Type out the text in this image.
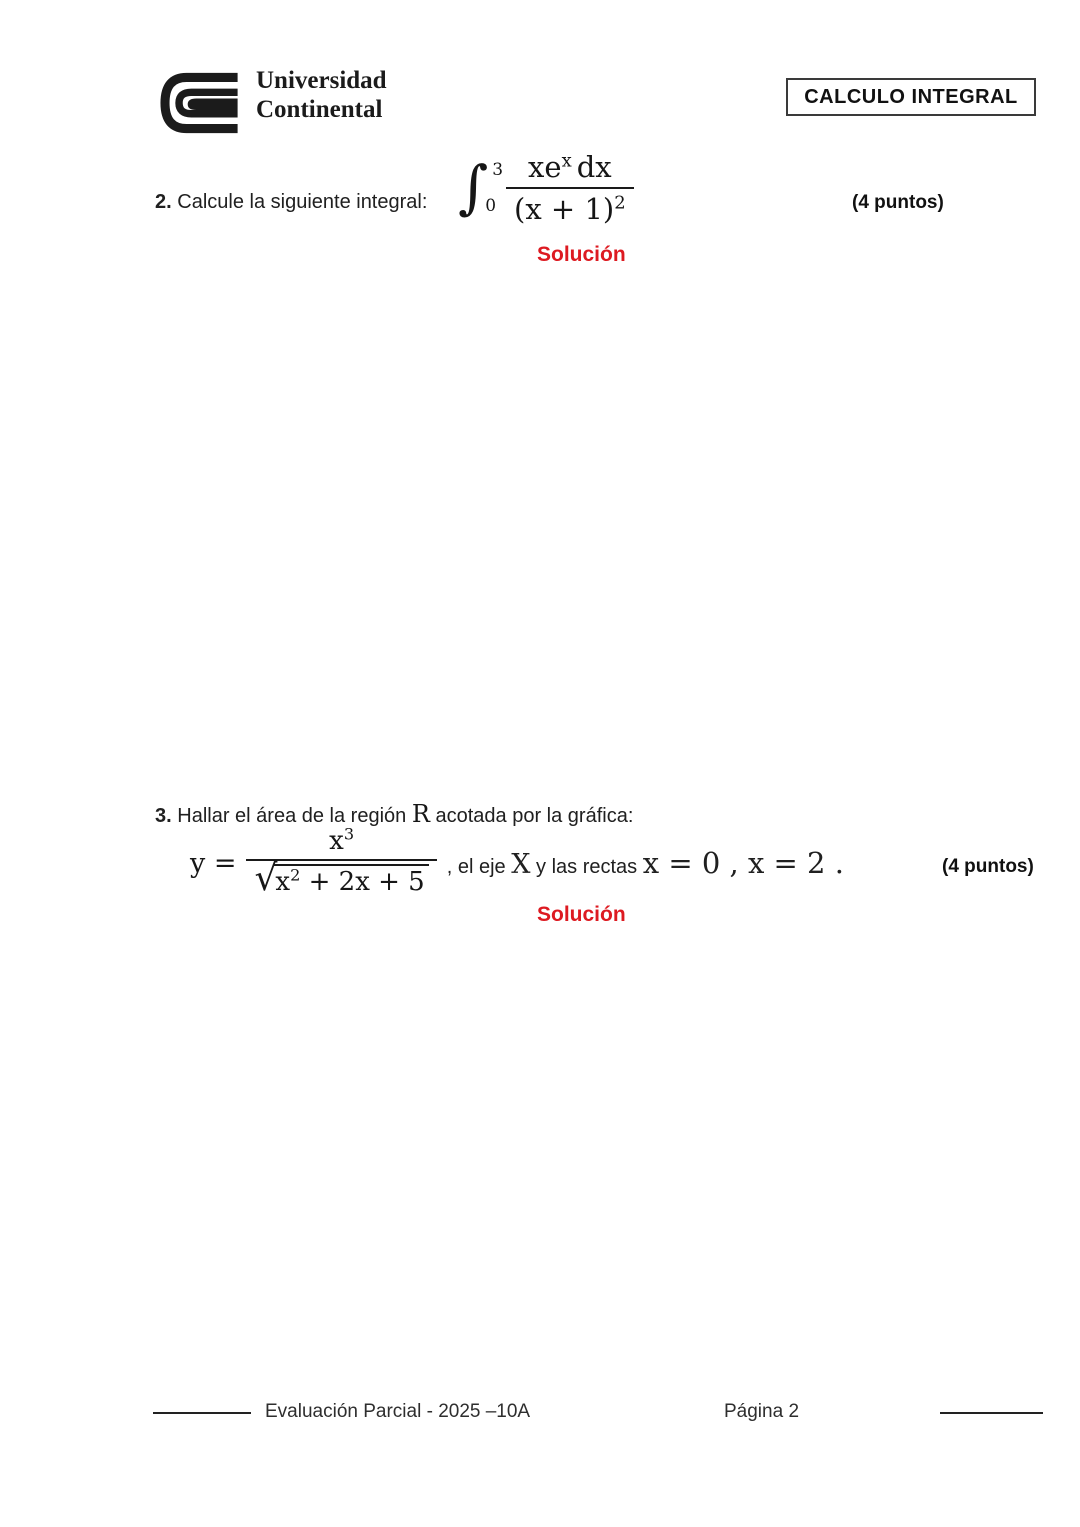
Universidad
Continental	CALCULO INTEGRAL
2. Calcule la siguiente integral: ∫ 3
$0 \frac{xe^x dx}{(x + 1)^2}$	(4 puntos)
Solución
3. Hallar el área de la región R acotada por la gráfica:
$y = x^3$
√
$x^2 + 2x + 5$ , el eje X y las rectas x = 0 , x = 2 .	(4 puntos)
Solución
Evaluación Parcial - 2025 –10A	Página 2
